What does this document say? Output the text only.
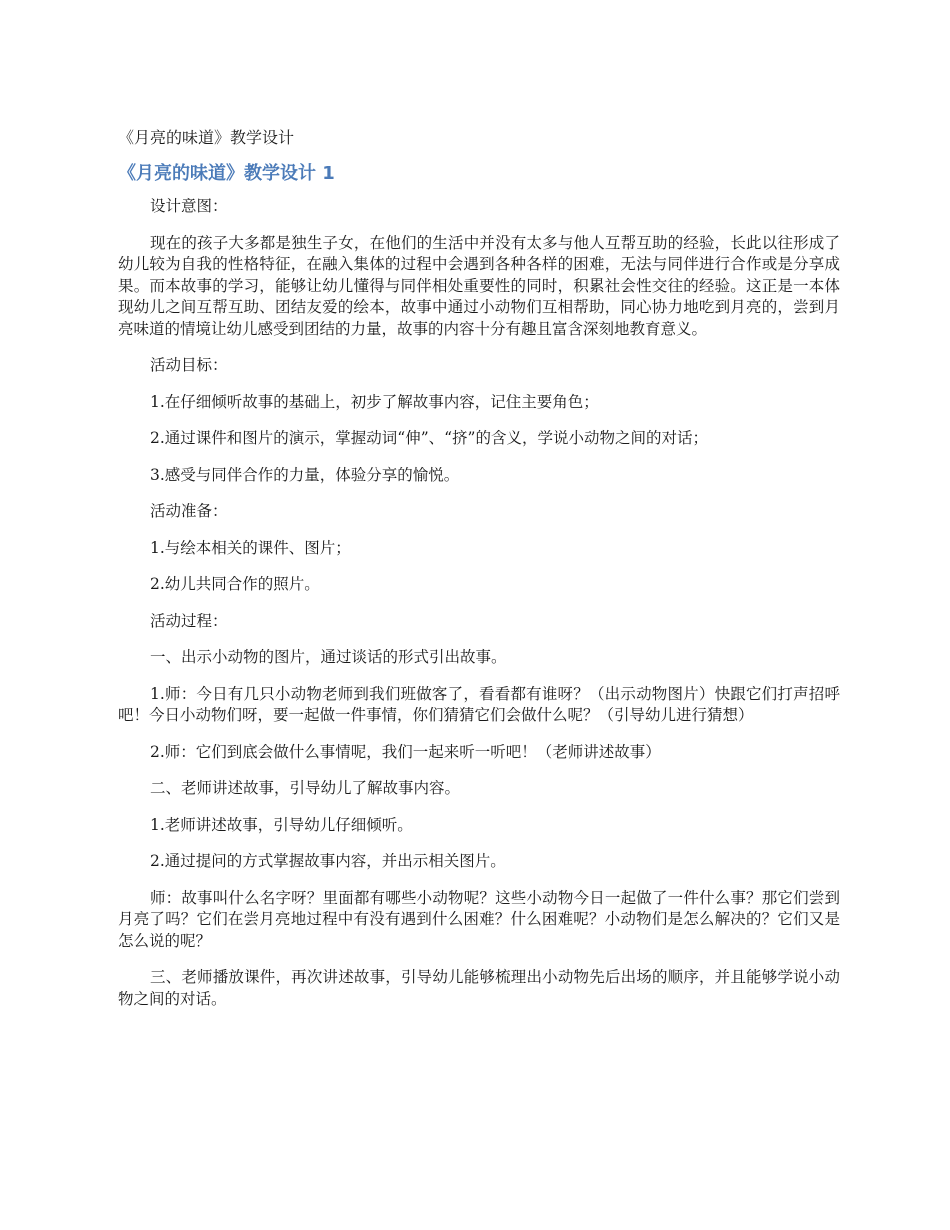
《月亮的味道》教学设计
《月亮的味道》教学设计 1

设计意图：

现在的孩子大多都是独生子女，在他们的生活中并没有太多与他人互帮互助的经验，长此以往形成了幼儿较为自我的性格特征，在融入集体的过程中会遇到各种各样的困难，无法与同伴进行合作或是分享成果。而本故事的学习，能够让幼儿懂得与同伴相处重要性的同时，积累社会性交往的经验。这正是一本体现幼儿之间互帮互助、团结友爱的绘本，故事中通过小动物们互相帮助，同心协力地吃到月亮的，尝到月亮味道的情境让幼儿感受到团结的力量，故事的内容十分有趣且富含深刻地教育意义。

活动目标：

1.在仔细倾听故事的基础上，初步了解故事内容，记住主要角色；

2.通过课件和图片的演示，掌握动词“伸”、“挤”的含义，学说小动物之间的对话；

3.感受与同伴合作的力量，体验分享的愉悦。

活动准备：

1.与绘本相关的课件、图片；

2.幼儿共同合作的照片。

活动过程：

一、出示小动物的图片，通过谈话的形式引出故事。

1.师：今日有几只小动物老师到我们班做客了，看看都有谁呀？（出示动物图片）快跟它们打声招呼吧！今日小动物们呀，要一起做一件事情，你们猜猜它们会做什么呢？（引导幼儿进行猜想）

2.师：它们到底会做什么事情呢，我们一起来听一听吧！（老师讲述故事）

二、老师讲述故事，引导幼儿了解故事内容。

1.老师讲述故事，引导幼儿仔细倾听。

2.通过提问的方式掌握故事内容，并出示相关图片。

师：故事叫什么名字呀？里面都有哪些小动物呢？这些小动物今日一起做了一件什么事？那它们尝到月亮了吗？它们在尝月亮地过程中有没有遇到什么困难？什么困难呢？小动物们是怎么解决的？它们又是怎么说的呢？

三、老师播放课件，再次讲述故事，引导幼儿能够梳理出小动物先后出场的顺序，并且能够学说小动物之间的对话。
